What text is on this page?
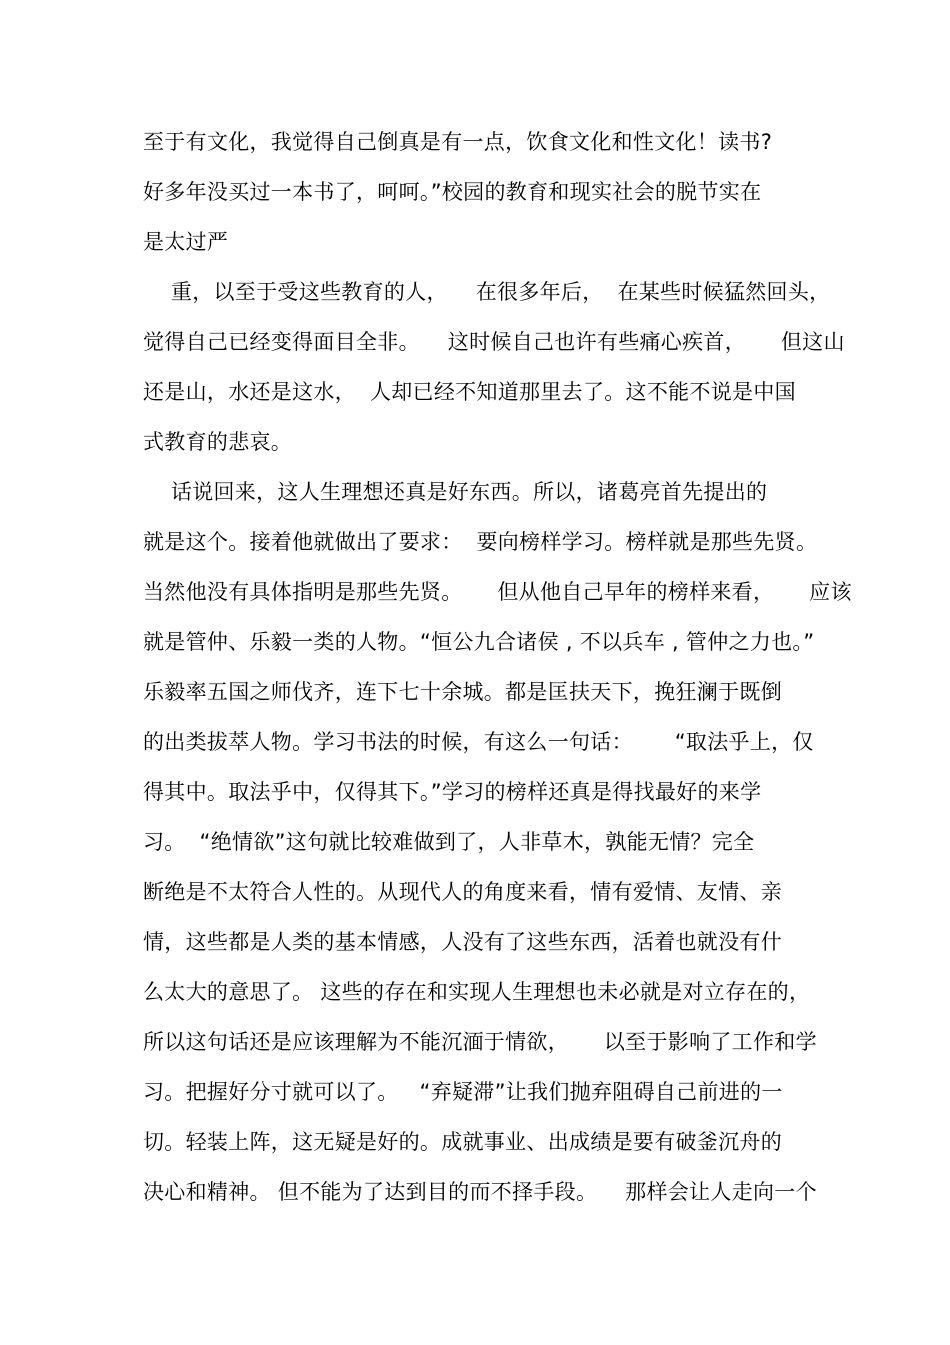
至于有文化，我觉得自己倒真是有一点，饮食文化和性文化！读书?
好多年没买过一本书了，呵呵。”校园的教育和现实社会的脱节实在
是太过严
重，以至于受这些教育的人，    在很多年后，  在某些时候猛然回头，
觉得自己已经变得面目全非。    这时候自己也许有些痛心疾首，     但这山
还是山，水还是这水，  人却已经不知道那里去了。这不能不说是中国
式教育的悲哀。
话说回来，这人生理想还真是好东西。所以，诸葛亮首先提出的
就是这个。接着他就做出了要求：  要向榜样学习。榜样就是那些先贤。
当然他没有具体指明是那些先贤。     但从他自己早年的榜样来看，     应该
就是管仲、乐毅一类的人物。“恒公九合诸侯 , 不以兵车 , 管仲之力也。”
乐毅率五国之师伐齐，连下七十余城。都是匡扶天下，挽狂澜于既倒
的出类拔萃人物。学习书法的时候，有这么一句话：      “取法乎上，仅
得其中。取法乎中，仅得其下。”学习的榜样还真是得找最好的来学
习。  “绝情欲”这句就比较难做到了，人非草木，孰能无情？完全
断绝是不太符合人性的。从现代人的角度来看，情有爱情、友情、亲
情，这些都是人类的基本情感，人没有了这些东西，活着也就没有什
么太大的意思了。 这些的存在和实现人生理想也未必就是对立存在的，
所以这句话还是应该理解为不能沉湎于情欲，     以至于影响了工作和学
习。把握好分寸就可以了。   “弃疑滞”让我们抛弃阻碍自己前进的一
切。轻装上阵，这无疑是好的。成就事业、出成绩是要有破釜沉舟的
决心和精神。 但不能为了达到目的而不择手段。    那样会让人走向一个
